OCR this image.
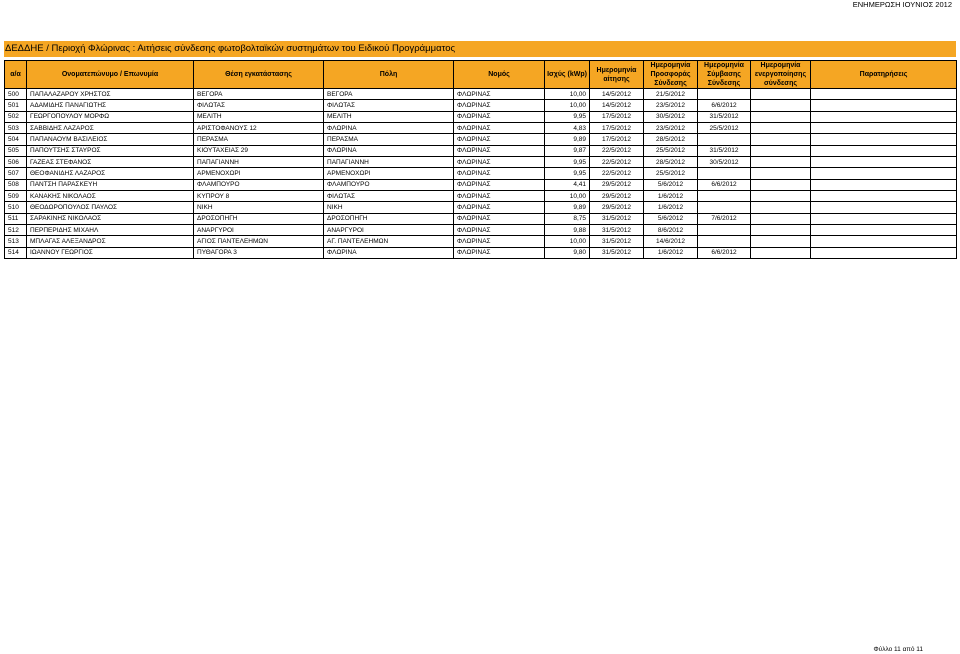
ΕΝΗΜΕΡΩΣΗ ΙΟΥΝΙΟΣ 2012
ΔΕΔΔΗΕ / Περιοχή Φλώρινας : Αιτήσεις σύνδεσης φωτοβολταϊκών συστημάτων του Ειδικού Προγράμματος
α/α	Ονοματεπώνυμο / Επωνυμία	Θέση εγκατάστασης	Πόλη	Νομός	Ισχύς (kWp)	Ημερομηνία αίτησης	Ημερομηνία Προσφοράς Σύνδεσης	Ημερομηνία Σύμβασης Σύνδεσης	Ημερομηνία ενεργοποίησης σύνδεσης	Παρατηρήσεις
500	ΠΑΠΑΛΑΖΑΡΟΥ ΧΡΗΣΤΟΣ	ΒΕΓΟΡΑ	ΒΕΓΟΡΑ	ΦΛΩΡΙΝΑΣ	10,00	14/5/2012	21/5/2012			
501	ΑΔΑΜΙΔΗΣ ΠΑΝΑΓΙΩΤΗΣ	ΦΙΛΩΤΑΣ	ΦΙΛΩΤΑΣ	ΦΛΩΡΙΝΑΣ	10,00	14/5/2012	23/5/2012	6/6/2012		
502	ΓΕΩΡΓΟΠΟΥΛΟΥ ΜΟΡΦΩ	ΜΕΛΙΤΗ	ΜΕΛΙΤΗ	ΦΛΩΡΙΝΑΣ	9,95	17/5/2012	30/5/2012	31/5/2012		
503	ΣΑΒΒΙΔΗΣ ΛΑΖΑΡΟΣ	ΑΡΙΣΤΟΦΑΝΟΥΣ 12	ΦΛΩΡΙΝΑ	ΦΛΩΡΙΝΑΣ	4,83	17/5/2012	23/5/2012	25/5/2012		
504	ΠΑΠΑΝΑΟΥΜ ΒΑΣΙΛΕΙΟΣ	ΠΕΡΑΣΜΑ	ΠΕΡΑΣΜΑ	ΦΛΩΡΙΝΑΣ	9,89	17/5/2012	28/5/2012			
505	ΠΑΠΟΥΤΣΗΣ ΣΤΑΥΡΟΣ	ΚΙΟΥΤΑΧΕΙΑΣ 29	ΦΛΩΡΙΝΑ	ΦΛΩΡΙΝΑΣ	9,87	22/5/2012	25/5/2012	31/5/2012		
506	ΓΑΖΕΑΣ ΣΤΕΦΑΝΟΣ	ΠΑΠΑΓΙΑΝΝΗ	ΠΑΠΑΓΙΑΝΝΗ	ΦΛΩΡΙΝΑΣ	9,95	22/5/2012	28/5/2012	30/5/2012		
507	ΘΕΟΦΑΝΙΔΗΣ ΛΑΖΑΡΟΣ	ΑΡΜΕΝΟΧΩΡΙ	ΑΡΜΕΝΟΧΩΡΙ	ΦΛΩΡΙΝΑΣ	9,95	22/5/2012	25/5/2012			
508	ΠΑΝΤΣΗ ΠΑΡΑΣΚΕΥΗ	ΦΛΑΜΠΟΥΡΟ	ΦΛΑΜΠΟΥΡΟ	ΦΛΩΡΙΝΑΣ	4,41	29/5/2012	5/6/2012	6/6/2012		
509	ΚΑΝΑΚΗΣ ΝΙΚΟΛΑΟΣ	ΚΥΠΡΟΥ 8	ΦΙΛΩΤΑΣ	ΦΛΩΡΙΝΑΣ	10,00	29/5/2012	1/6/2012			
510	ΘΕΟΔΩΡΟΠΟΥΛΟΣ ΠΑΥΛΟΣ	ΝΙΚΗ	ΝΙΚΗ	ΦΛΩΡΙΝΑΣ	9,89	29/5/2012	1/6/2012			
511	ΣΑΡΑΚΙΝΗΣ ΝΙΚΟΛΑΟΣ	ΔΡΟΣΟΠΗΓΗ	ΔΡΟΣΟΠΗΓΗ	ΦΛΩΡΙΝΑΣ	8,75	31/5/2012	5/6/2012	7/6/2012		
512	ΠΕΡΠΕΡΙΔΗΣ ΜΙΧΑΗΛ	ΑΝΑΡΓΥΡΟΙ	ΑΝΑΡΓΥΡΟΙ	ΦΛΩΡΙΝΑΣ	9,88	31/5/2012	8/6/2012			
513	ΜΠΛΑΓΑΣ ΑΛΕΞΑΝΔΡΟΣ	ΑΓΙΟΣ ΠΑΝΤΕΛΕΗΜΩΝ	ΑΓ. ΠΑΝΤΕΛΕΗΜΩΝ	ΦΛΩΡΙΝΑΣ	10,00	31/5/2012	14/6/2012			
514	ΙΩΑΝΝΟΥ ΓΕΩΡΓΙΟΣ	ΠΥΘΑΓΟΡΑ 3	ΦΛΩΡΙΝΑ	ΦΛΩΡΙΝΑΣ	9,80	31/5/2012	1/6/2012	6/6/2012		
Φύλλο 11 από 11
